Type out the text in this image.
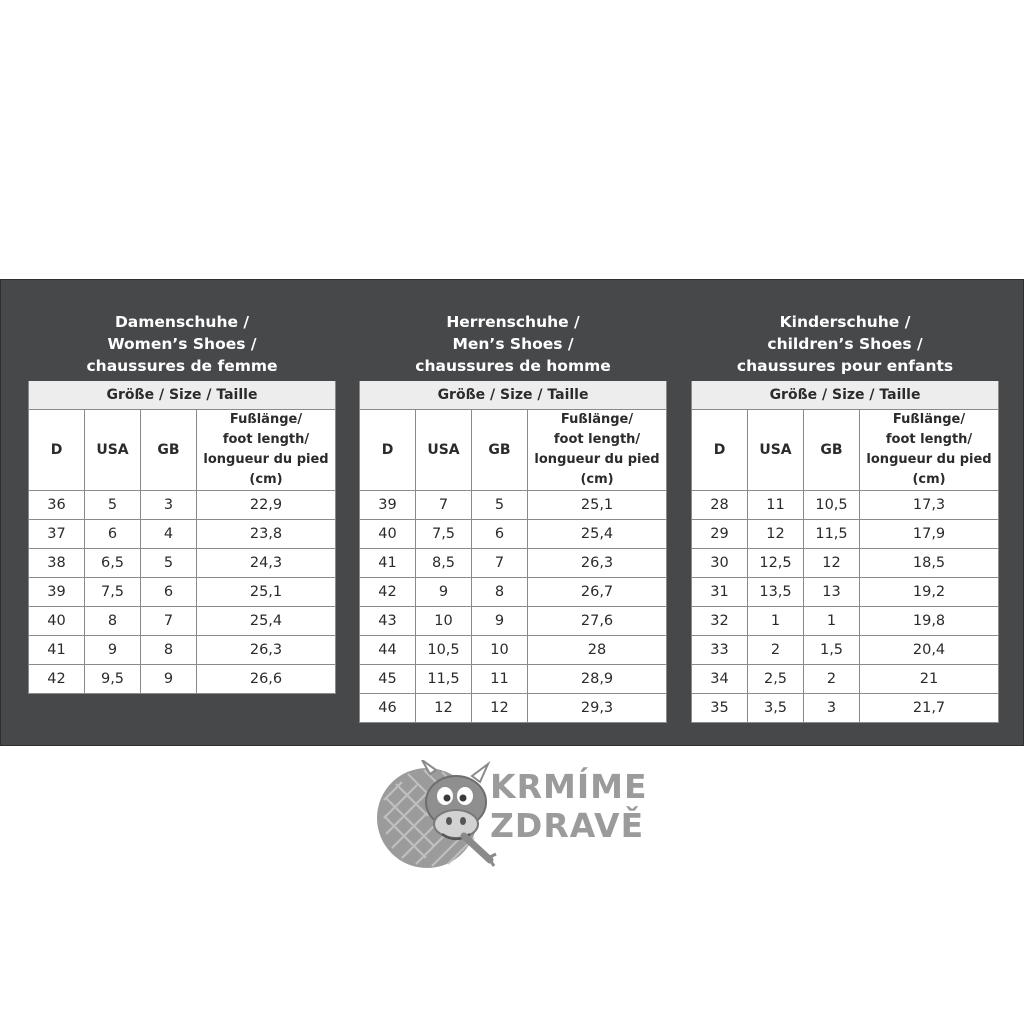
Damenschuhe /
Women’s Shoes /
chaussures de femme			
Größe / Size / Taille			
D	USA	GB	Fußlänge/
foot length/
longueur du pied
(cm)
36	5	3	22,9
37	6	4	23,8
38	6,5	5	24,3
39	7,5	6	25,1
40	8	7	25,4
41	9	8	26,3
42	9,5	9	26,6
Herrenschuhe /
Men’s Shoes /
chaussures de homme			
Größe / Size / Taille			
D	USA	GB	Fußlänge/
foot length/
longueur du pied
(cm)
39	7	5	25,1
40	7,5	6	25,4
41	8,5	7	26,3
42	9	8	26,7
43	10	9	27,6
44	10,5	10	28
45	11,5	11	28,9
46	12	12	29,3
Kinderschuhe /
children’s Shoes /
chaussures pour enfants			
Größe / Size / Taille			
D	USA	GB	Fußlänge/
foot length/
longueur du pied
(cm)
28	11	10,5	17,3
29	12	11,5	17,9
30	12,5	12	18,5
31	13,5	13	19,2
32	1	1	19,8
33	2	1,5	20,4
34	2,5	2	21
35	3,5	3	21,7
KRMÍME
ZDRAVĚ
